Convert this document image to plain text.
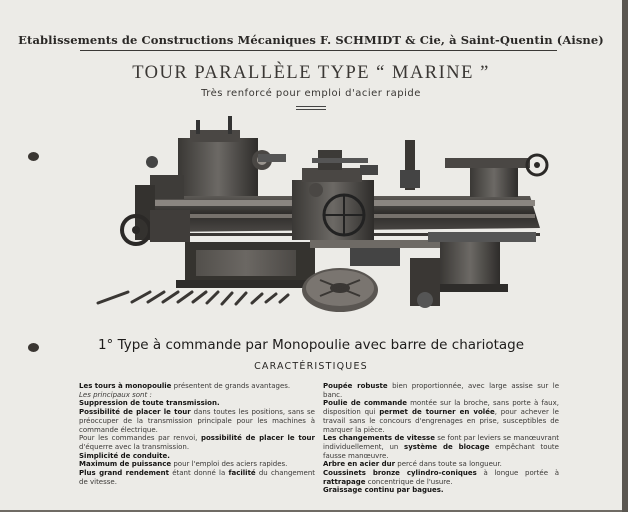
Etablissements de Constructions Mécaniques F. SCHMIDT & Cie, à Saint-Quentin (Aisne)
TOUR PARALLÈLE TYPE “ MARINE ”
Très renforcé pour emploi d'acier rapide
1° Type à commande par Monopoulie avec barre de chariotage
CARACTÉRISTIQUES

Les tours à monopoulie présentent de grands avantages.

Les principaux sont :

Suppression de toute transmission.

Possibilité de placer le tour dans toutes les positions, sans se préoccuper de la transmission principale pour les machines à commande électrique.

Pour les commandes par renvoi, possibilité de placer le tour d'équerre avec la transmission.

Simplicité de conduite.

Maximum de puissance pour l'emploi des aciers rapides.

Plus grand rendement étant donné la facilité du changement de vitesse.

Poupée robuste bien proportionnée, avec large assise sur le banc.

Poulie de commande montée sur la broche, sans porte à faux, disposition qui permet de tourner en volée, pour achever le travail sans le concours d'engrenages en prise, susceptibles de marquer la pièce.

Les changements de vitesse se font par leviers se manœuvrant individuellement, un système de blocage empêchant toute fausse manœuvre.

Arbre en acier dur percé dans toute sa longueur.

Coussinets bronze cylindro-coniques à longue portée à rattrapage concentrique de l'usure.

Graissage continu par bagues.
